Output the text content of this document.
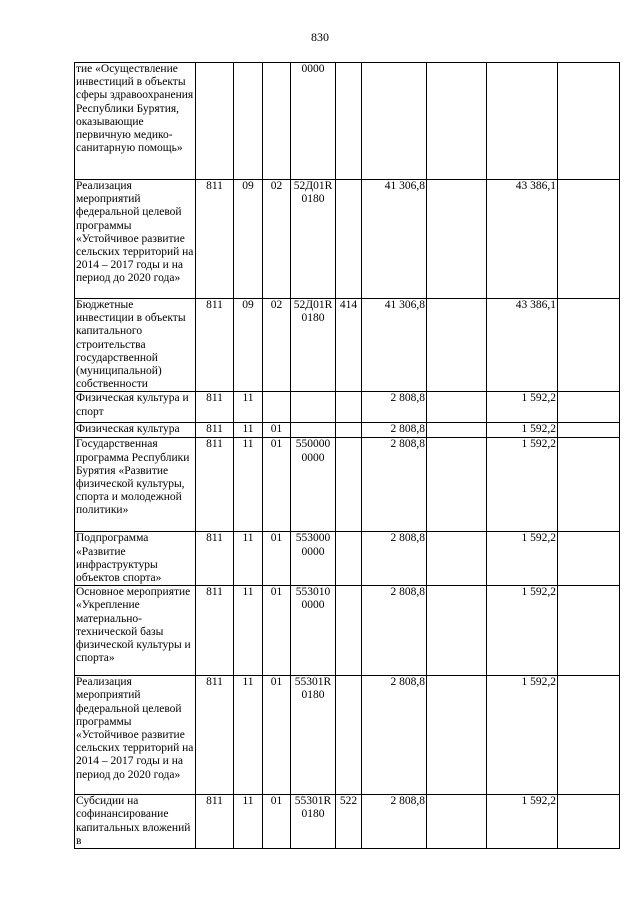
830
тие «Осуществление инвестиций в объекты сферы здравоохранения Республики Бурятия, оказывающие первичную медико-санитарную помощь»				0000					
Реализация мероприятий федеральной целевой программы «Устойчивое развитие сельских территорий на 2014 – 2017 годы и на период до 2020 года»	811	09	02	52Д01R 0180		41 306,8		43 386,1	
Бюджетные инвестиции в объекты капитального строительства государственной (муниципальной) собственности	811	09	02	52Д01R 0180	414	41 306,8		43 386,1	
Физическая культура и спорт	811	11				2 808,8		1 592,2	
Физическая культура	811	11	01			2 808,8		1 592,2	
Государственная программа Республики Бурятия «Развитие физической культуры, спорта и молодежной политики»	811	11	01	550000 0000		2 808,8		1 592,2	
Подпрограмма «Развитие инфраструктуры объектов спорта»	811	11	01	553000 0000		2 808,8		1 592,2	
Основное мероприятие «Укрепление материально-технической базы физической культуры и спорта»	811	11	01	553010 0000		2 808,8		1 592,2	
Реализация мероприятий федеральной целевой программы «Устойчивое развитие сельских территорий на 2014 – 2017 годы и на период до 2020 года»	811	11	01	55301R 0180		2 808,8		1 592,2	
Субсидии на софинансирование капитальных вложений в	811	11	01	55301R 0180	522	2 808,8		1 592,2	
